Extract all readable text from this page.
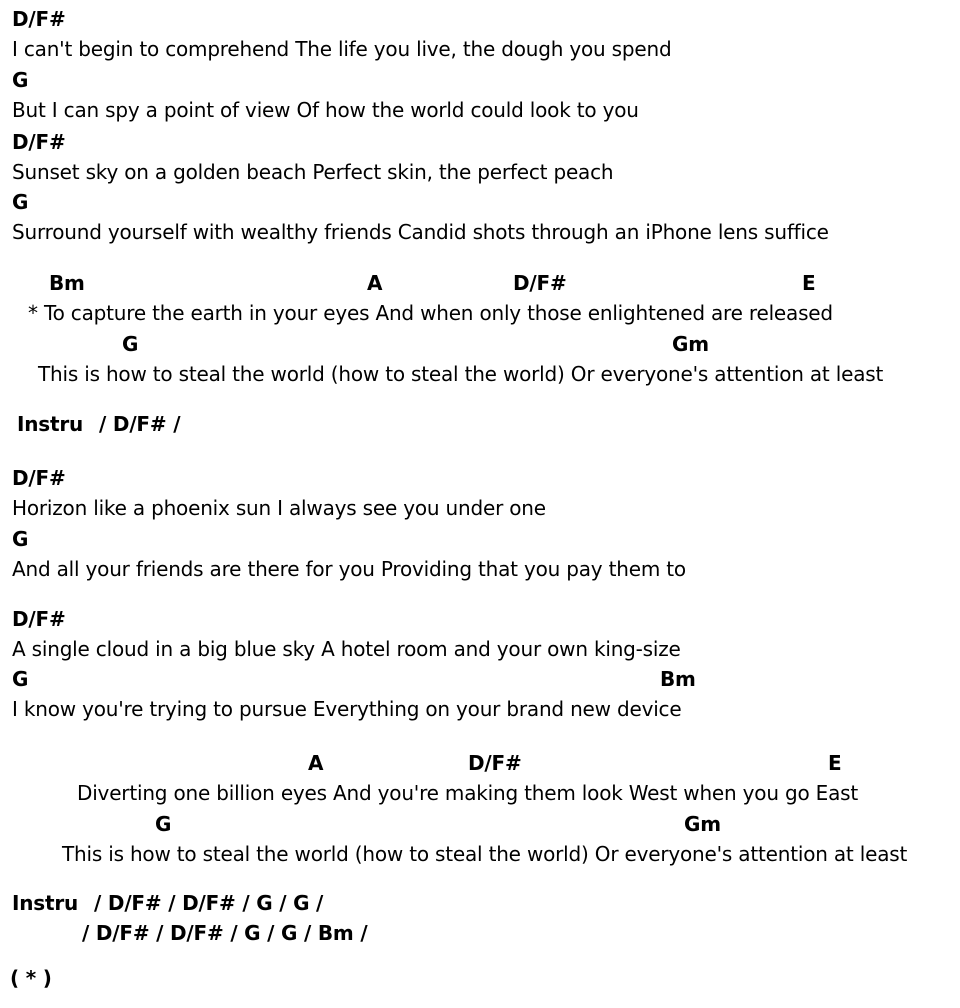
D/F#
I can't begin to comprehend The life you live, the dough you spend
G
But I can spy a point of view Of how the world could look to you
D/F#
Sunset sky on a golden beach Perfect skin, the perfect peach
G
Surround yourself with wealthy friends Candid shots through an iPhone lens suffice
Bm	A	D/F#	E
* To capture the earth in your eyes And when only those enlightened are released
G	Gm
This is how to steal the world (how to steal the world) Or everyone's attention at least
Instru / D/F# /
D/F#
Horizon like a phoenix sun I always see you under one
G
And all your friends are there for you Providing that you pay them to
D/F#
A single cloud in a big blue sky A hotel room and your own king-size
G	Bm
I know you're trying to pursue Everything on your brand new device
A	D/F#	E
Diverting one billion eyes And you're making them look West when you go East
G	Gm
This is how to steal the world (how to steal the world) Or everyone's attention at least
Instru / D/F# / D/F# / G / G /
/ D/F# / D/F# / G / G / Bm /
( * )
